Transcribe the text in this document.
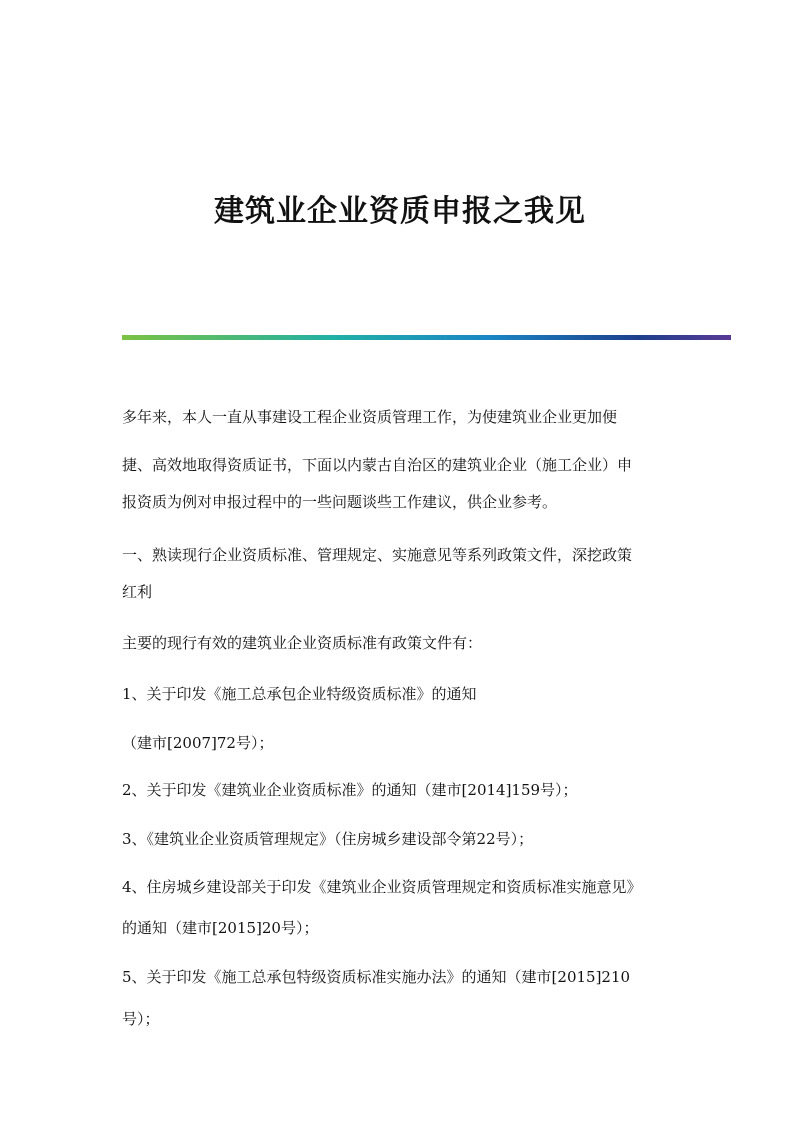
建筑业企业资质申报之我见
多年来，本人一直从事建设工程企业资质管理工作，为使建筑业企业更加便
捷、高效地取得资质证书，下面以内蒙古自治区的建筑业企业（施工企业）申
报资质为例对申报过程中的一些问题谈些工作建议，供企业参考。
一、熟读现行企业资质标准、管理规定、实施意见等系列政策文件，深挖政策
红利
主要的现行有效的建筑业企业资质标准有政策文件有：
1、关于印发《施工总承包企业特级资质标准》的通知
（建市[2007]72号）；
2、关于印发《建筑业企业资质标准》的通知（建市[2014]159号）；
3、《建筑业企业资质管理规定》（住房城乡建设部令第22号）；
4、住房城乡建设部关于印发《建筑业企业资质管理规定和资质标准实施意见》
的通知（建市[2015]20号）；
5、关于印发《施工总承包特级资质标准实施办法》的通知（建市[2015]210
号）；
